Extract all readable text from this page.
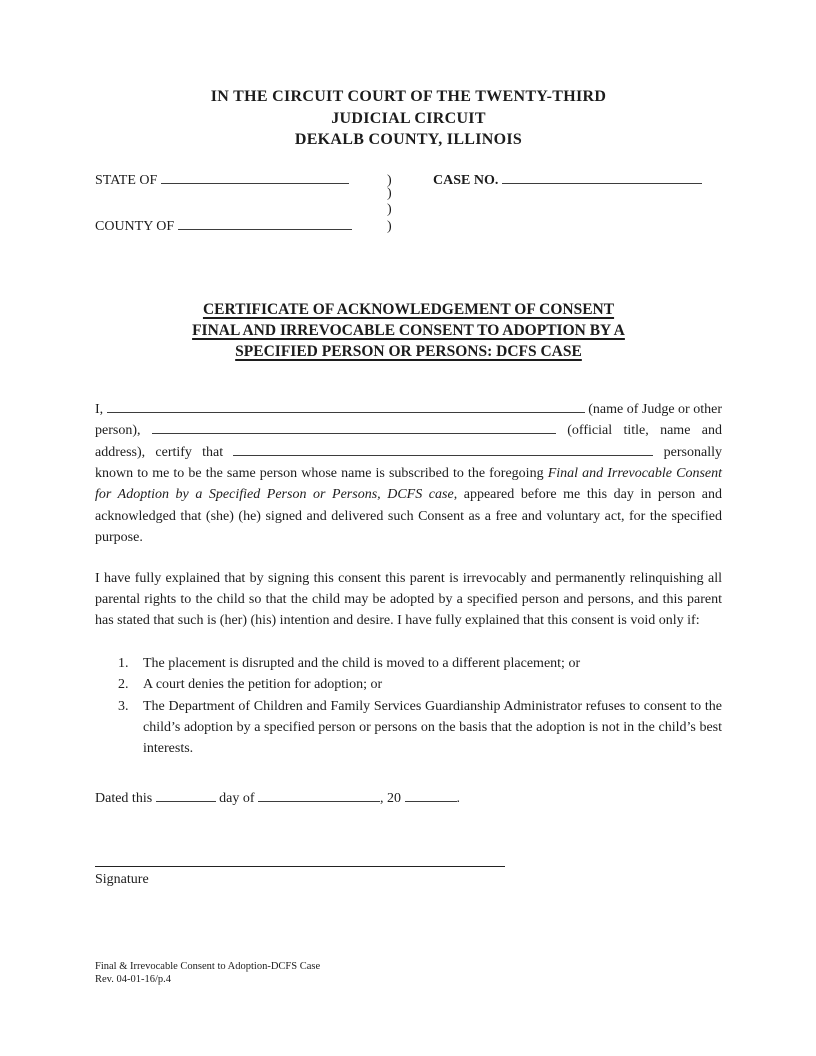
IN THE CIRCUIT COURT OF THE TWENTY-THIRD
JUDICIAL CIRCUIT
DEKALB COUNTY, ILLINOIS
STATE OF	)	CASE NO.
)
)
COUNTY OF	)
CERTIFICATE OF ACKNOWLEDGEMENT OF CONSENT
FINAL AND IRREVOCABLE CONSENT TO ADOPTION BY A
SPECIFIED PERSON OR PERSONS: DCFS CASE

I,	(name of Judge or other person),	(official title, name and address), certify that	personally known to me to be the same person whose name is subscribed to the foregoing Final and Irrevocable Consent for Adoption by a Specified Person or Persons, DCFS case, appeared before me this day in person and acknowledged that (she) (he) signed and delivered such Consent as a free and voluntary act, for the specified purpose.

I have fully explained that by signing this consent this parent is irrevocably and permanently relinquishing all parental rights to the child so that the child may be adopted by a specified person and persons, and this parent has stated that such is (her) (his) intention and desire. I have fully explained that this consent is void only if:

1.	The placement is disrupted and the child is moved to a different placement; or
2.	A court denies the petition for adoption; or
3.	The Department of Children and Family Services Guardianship Administrator refuses to consent to the child’s adoption by a specified person or persons on the basis that the adoption is not in the child’s best interests.
Dated this	day of	, 20	.
Signature
Final & Irrevocable Consent to Adoption-DCFS Case
Rev. 04-01-16/p.4
